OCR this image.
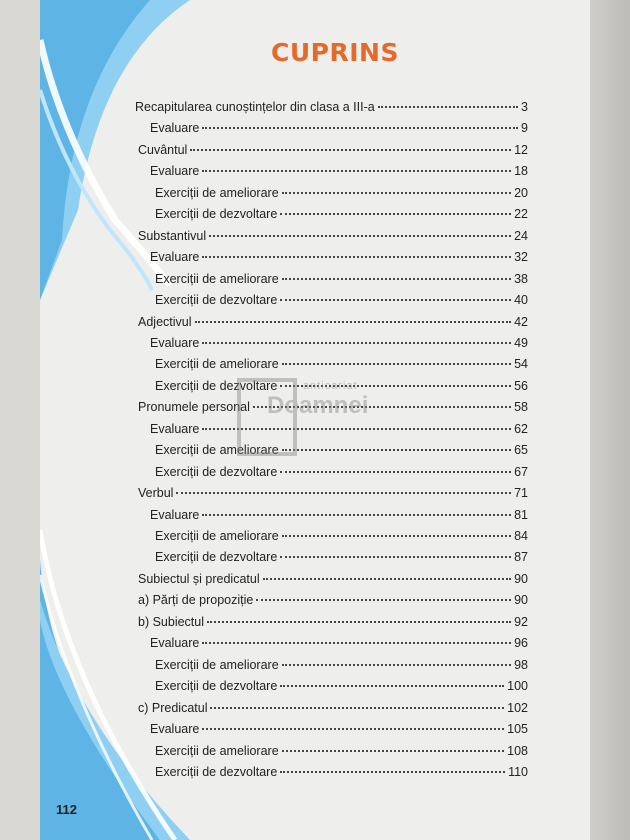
CUPRINS
Recapitularea cunoștințelor din clasa a III-a	3
Evaluare	9
Cuvântul	12
Evaluare	18
Exerciții de ameliorare	20
Exerciții de dezvoltare	22
Substantivul	24
Evaluare	32
Exerciții de ameliorare	38
Exerciții de dezvoltare	40
Adjectivul	42
Evaluare	49
Exerciții de ameliorare	54
Exerciții de dezvoltare	56
Pronumele personal	58
Evaluare	62
Exerciții de ameliorare	65
Exerciții de dezvoltare	67
Verbul	71
Evaluare	81
Exerciții de ameliorare	84
Exerciții de dezvoltare	87
Subiectul și predicatul	90
a) Părți de propoziție	90
b) Subiectul	92
Evaluare	96
Exerciții de ameliorare	98
Exerciții de dezvoltare	100
c) Predicatul	102
Evaluare	105
Exerciții de ameliorare	108
Exerciții de dezvoltare	110
anticariat
Doamnei
112
